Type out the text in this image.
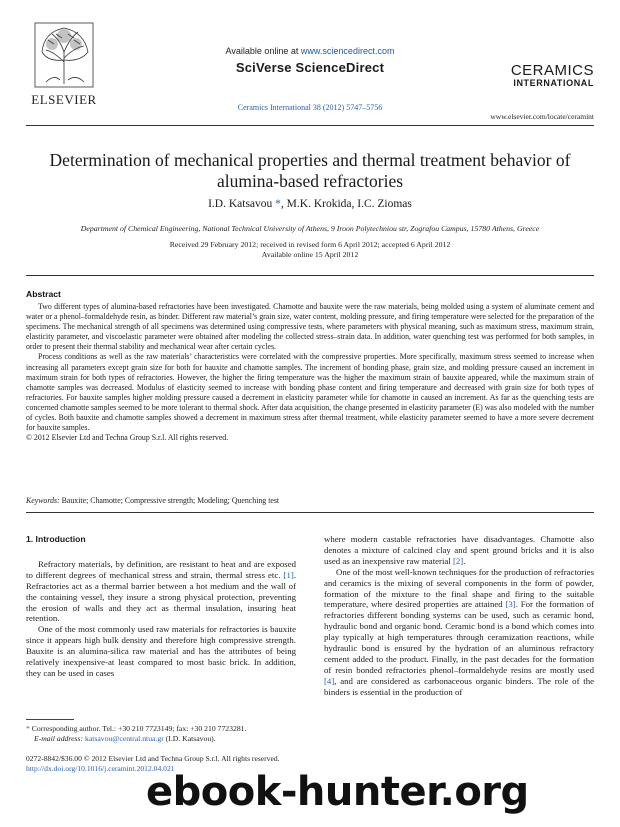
ELSEVIER
Available online at www.sciencedirect.com
SciVerse ScienceDirect
Ceramics International 38 (2012) 5747–5756
CERAMICS
INTERNATIONAL
www.elsevier.com/locate/ceramint
Determination of mechanical properties and thermal treatment behavior of alumina-based refractories
I.D. Katsavou *, M.K. Krokida, I.C. Ziomas
Department of Chemical Engineering, National Technical University of Athens, 9 Iroon Polytechniou str, Zografou Campus, 15780 Athens, Greece
Received 29 February 2012; received in revised form 6 April 2012; accepted 6 April 2012
Available online 15 April 2012
Abstract

Two different types of alumina-based refractories have been investigated. Chamotte and bauxite were the raw materials, being molded using a system of aluminate cement and water or a phenol–formaldehyde resin, as binder. Different raw material’s grain size, water content, molding pressure, and firing temperature were selected for the preparation of the specimens. The mechanical strength of all specimens was determined using compressive tests, where parameters with physical meaning, such as maximum stress, maximum strain, elasticity parameter, and viscoelastic parameter were obtained after modeling the collected stress–strain data. In addition, water quenching test was performed for both samples, in order to present their thermal stability and mechanical wear after certain cycles.

Process conditions as well as the raw materials’ characteristics were correlated with the compressive properties. More specifically, maximum stress seemed to increase when increasing all parameters except grain size for both for bauxite and chamotte samples. The increment of bonding phase, grain size, and molding pressure caused an increment in maximum strain for both types of refractories. However, the higher the firing temperature was the higher the maximum strain of bauxite appeared, while the maximum strain of chamotte samples was decreased. Modulus of elasticity seemed to increase with bonding phase content and firing temperature and decreased with grain size for both types of refractories. For bauxite samples higher molding pressure caused a decrement in elasticity parameter while for chamotte in caused an increment. As far as the quenching tests are concerned chamotte samples seemed to be more tolerant to thermal shock. After data acquisition, the change presented in elasticity parameter (E) was also modeled with the number of cycles. Both bauxite and chamotte samples showed a decrement in maximum stress after thermal treatment, while elasticity parameter seemed to have a more severe decrement for bauxite samples.

© 2012 Elsevier Ltd and Techna Group S.r.l. All rights reserved.

Keywords: Bauxite; Chamotte; Compressive strength; Modeling; Quenching test
1. Introduction

Refractory materials, by definition, are resistant to heat and are exposed to different degrees of mechanical stress and strain, thermal stress etc. [1]. Refractories act as a thermal barrier between a hot medium and the wall of the containing vessel, they insure a strong physical protection, preventing the erosion of walls and they act as thermal insulation, insuring heat retention.

One of the most commonly used raw materials for refractories is bauxite since it appears high bulk density and therefore high compressive strength. Bauxite is an alumina-silica raw material and has the attributes of being relatively inexpensive-at least compared to most basic brick. In addition, they can be used in cases

where modern castable refractories have disadvantages. Chamotte also denotes a mixture of calcined clay and spent ground bricks and it is also used as an inexpensive raw material [2].

One of the most well-known techniques for the production of refractories and ceramics is the mixing of several components in the form of powder, formation of the mixture to the final shape and firing to the suitable temperature, where desired properties are attained [3]. For the formation of refractories different bonding systems can be used, such as ceramic bond, hydraulic bond and organic bond. Ceramic bond is a bond which comes into play typically at high temperatures through ceramization reactions, while hydraulic bond is ensured by the hydration of an aluminous refractory cement added to the product. Finally, in the past decades for the formation of resin bonded refractories phenol–formaldehyde resins are mostly used [4], and are considered as carbonaceous organic binders. The role of the binders is essential in the production of

* Corresponding author. Tel.: +30 210 7723149; fax: +30 210 7723281.
E-mail address: katsavou@central.ntua.gr (I.D. Katsavou).
0272-8842/$36.00 © 2012 Elsevier Ltd and Techna Group S.r.l. All rights reserved.
http://dx.doi.org/10.1016/j.ceramint.2012.04.021
ebook-hunter.org
